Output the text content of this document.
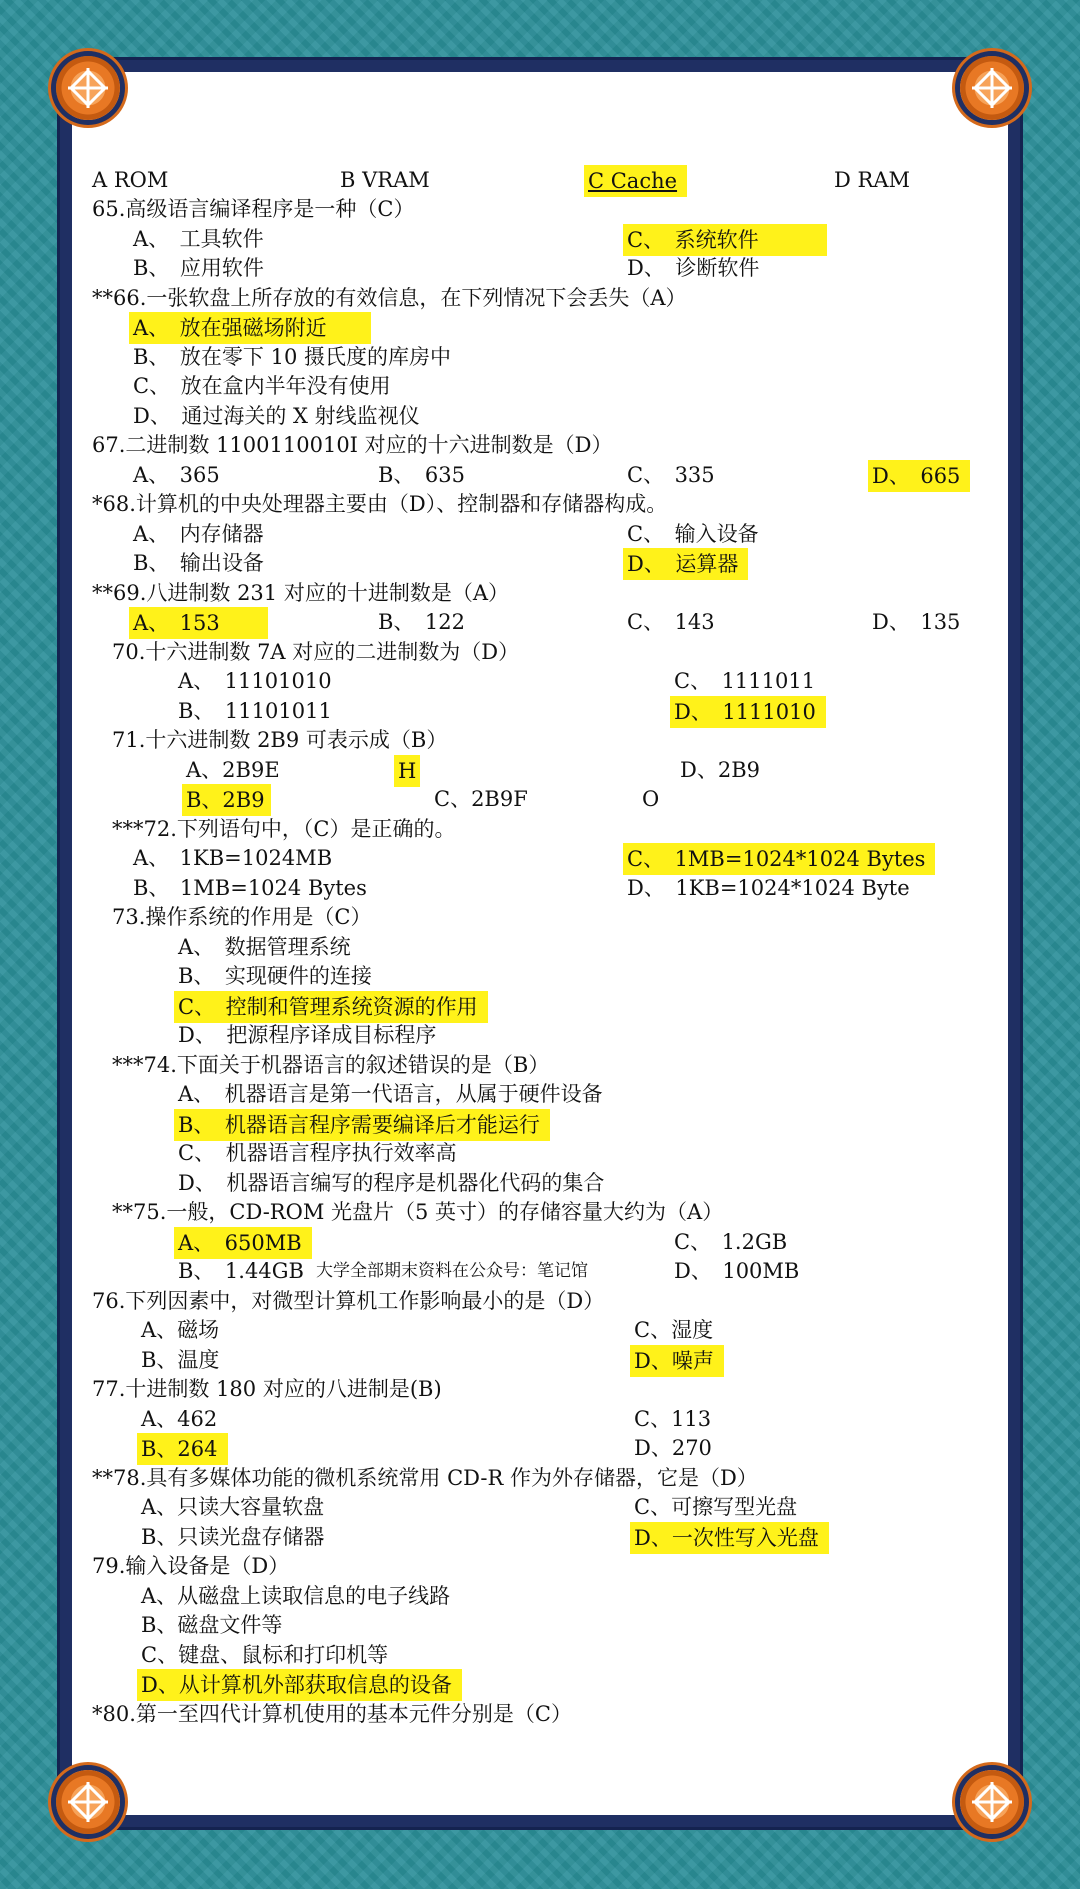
A ROM	B VRAM	C Cache	D RAM
65.高级语言编译程序是一种（C）
A、　工具软件	C、　系统软件
B、　应用软件	D、　诊断软件
**66.一张软盘上所存放的有效信息，在下列情况下会丢失（A）
A、　放在强磁场附近
B、　放在零下 10 摄氏度的库房中
C、　放在盒内半年没有使用
D、　通过海关的 X 射线监视仪
67.二进制数 1100110010I 对应的十六进制数是（D）
A、　365	B、　635	C、　335	D、　665
*68.计算机的中央处理器主要由（D）、控制器和存储器构成。
A、　内存储器	C、　输入设备
B、　输出设备	D、　运算器
**69.八进制数 231 对应的十进制数是（A）
A、　153	B、　122	C、　143	D、　135
70.十六进制数 7A 对应的二进制数为（D）
A、　11101010	C、　1111011
B、　11101011	D、　1111010
71.十六进制数 2B9 可表示成（B）
A、2B9E	H	D、2B9
B、2B9	C、2B9F	O
***72.下列语句中，（C）是正确的。
A、　1KB=1024MB	C、　1MB=1024*1024 Bytes
B、　1MB=1024 Bytes	D、　1KB=1024*1024 Byte
73.操作系统的作用是（C）
A、　数据管理系统
B、　实现硬件的连接
C、　控制和管理系统资源的作用
D、　把源程序译成目标程序
***74.下面关于机器语言的叙述错误的是（B）
A、　机器语言是第一代语言，从属于硬件设备
B、　机器语言程序需要编译后才能运行
C、　机器语言程序执行效率高
D、　机器语言编写的程序是机器化代码的集合
**75.一般，CD-ROM 光盘片（5 英寸）的存储容量大约为（A）
A、　650MB	C、　1.2GB
B、　1.44GB 大学全部期末资料在公众号：笔记馆	D、　100MB
76.下列因素中，对微型计算机工作影响最小的是（D）
A、磁场	C、湿度
B、温度	D、噪声
77.十进制数 180 对应的八进制是(B)
A、462	C、113
B、264	D、270
**78.具有多媒体功能的微机系统常用 CD-R 作为外存储器，它是（D）
A、只读大容量软盘	C、可擦写型光盘
B、只读光盘存储器	D、一次性写入光盘
79.输入设备是（D）
A、从磁盘上读取信息的电子线路
B、磁盘文件等
C、键盘、鼠标和打印机等
D、从计算机外部获取信息的设备
*80.第一至四代计算机使用的基本元件分别是（C）
